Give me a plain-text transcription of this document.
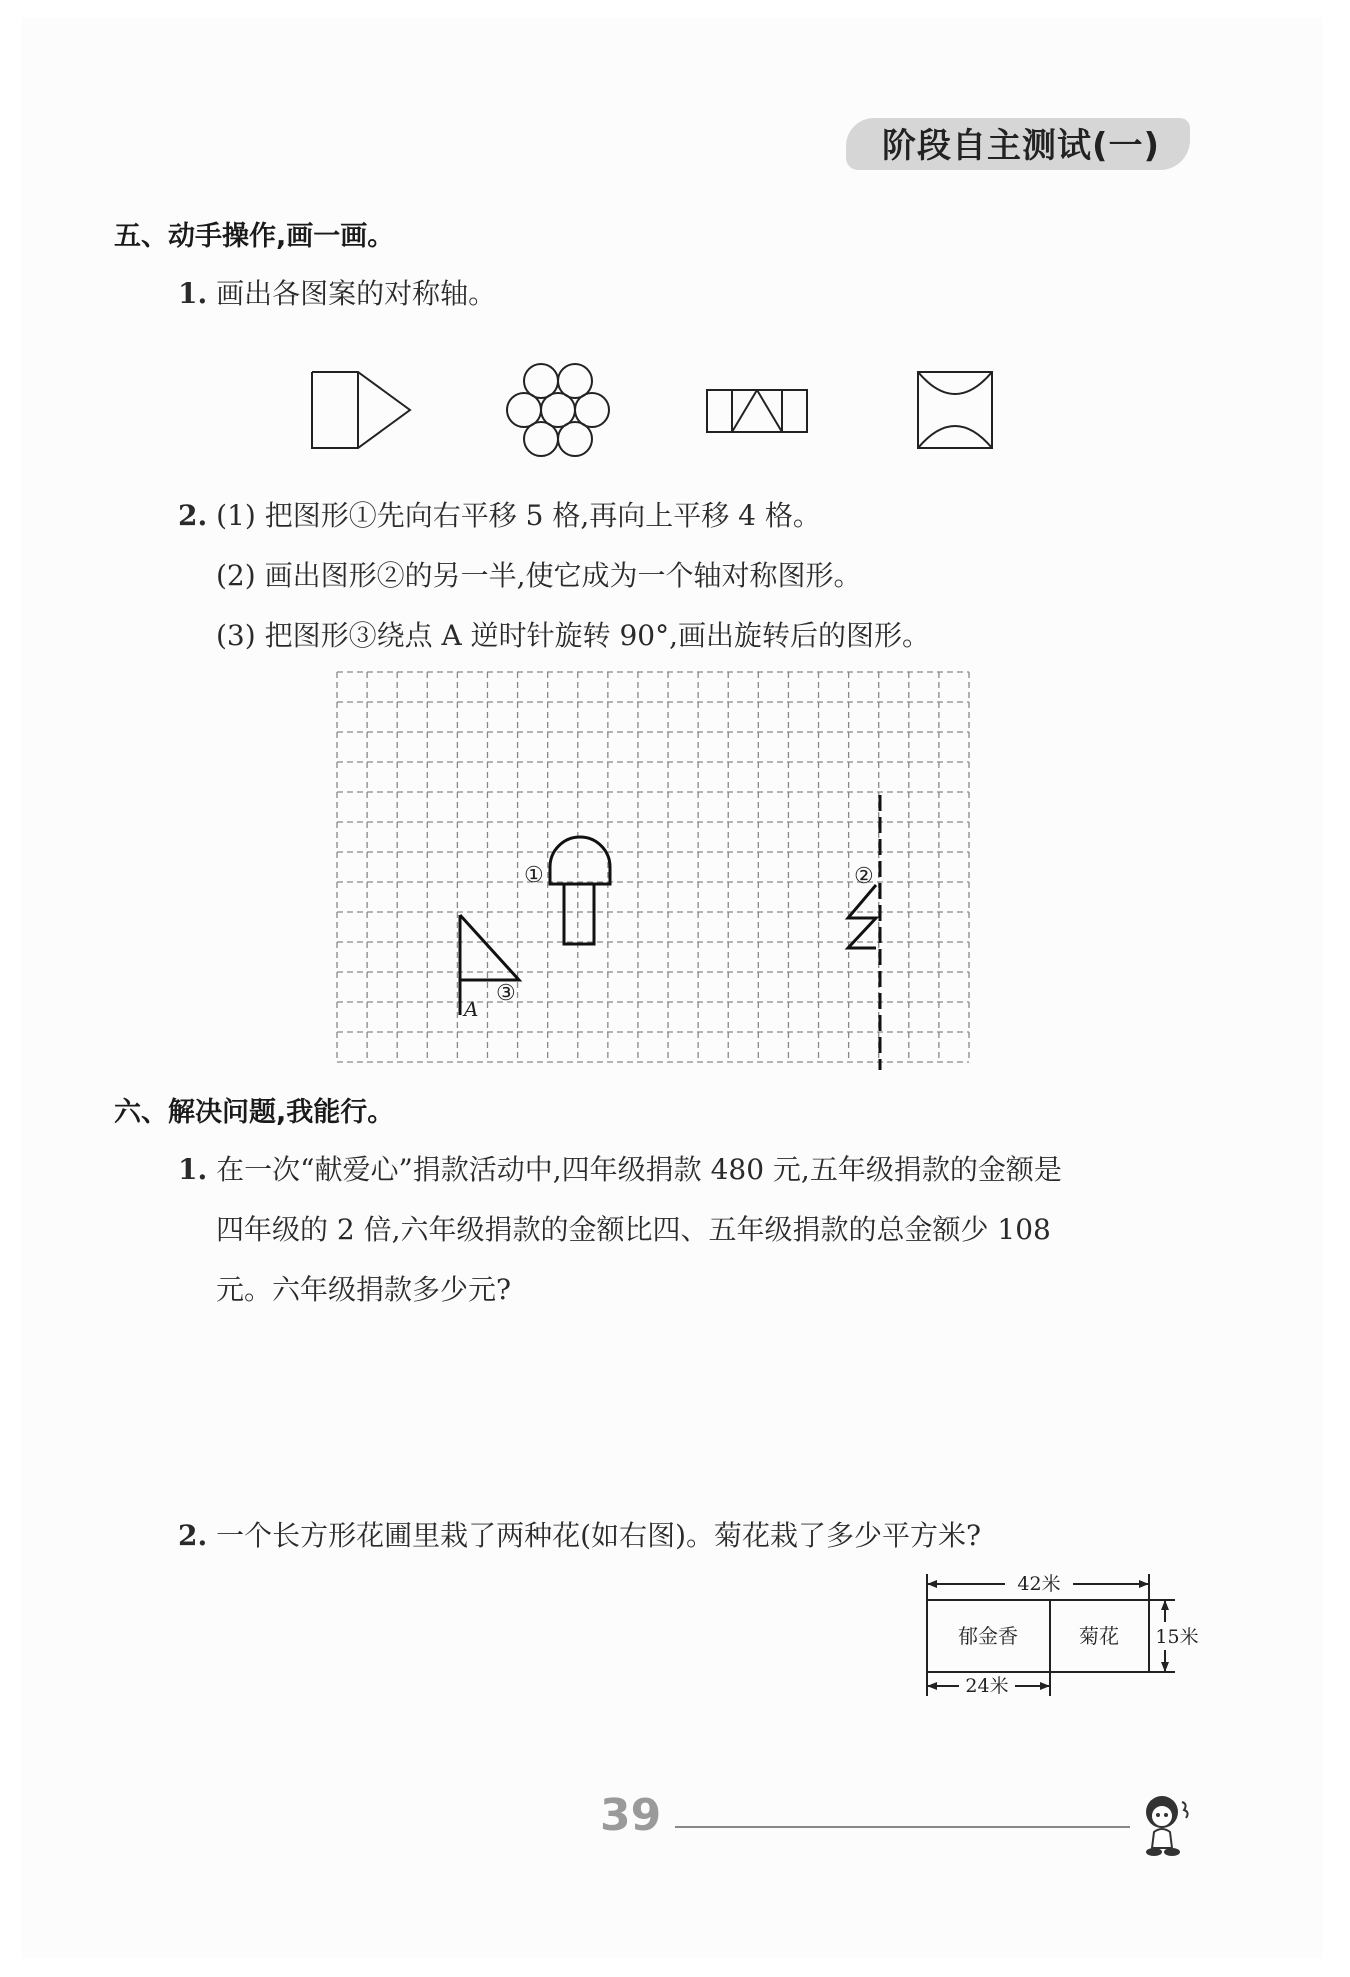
阶段自主测试(一)
五、动手操作,画一画。
1. 画出各图案的对称轴。
2. (1) 把图形①先向右平移 5 格,再向上平移 4 格。
(2) 画出图形②的另一半,使它成为一个轴对称图形。
(3) 把图形③绕点 A 逆时针旋转 90°,画出旋转后的图形。
①	②
③
A
六、解决问题,我能行。
1. 在一次“献爱心”捐款活动中,四年级捐款 480 元,五年级捐款的金额是
四年级的 2 倍,六年级捐款的金额比四、五年级捐款的总金额少 108
元。六年级捐款多少元?
2. 一个长方形花圃里栽了两种花(如右图)。菊花栽了多少平方米?
42米
24米
15米
郁金香	菊花
39
